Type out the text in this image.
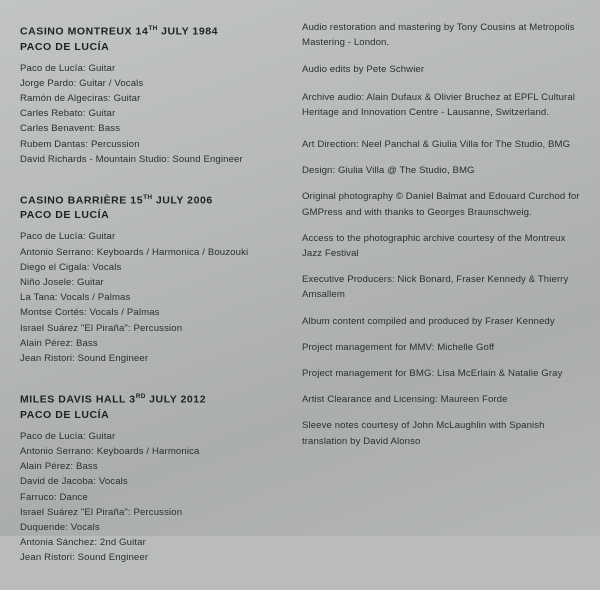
CASINO MONTREUX 14TH JULY 1984
PACO DE LUCÍA
Paco de Lucía: Guitar
Jorge Pardo: Guitar / Vocals
Ramón de Algeciras: Guitar
Carles Rebato: Guitar
Carles Benavent: Bass
Rubem Dantas: Percussion
David Richards - Mountain Studio: Sound Engineer
CASINO BARRIÈRE 15TH JULY 2006
PACO DE LUCÍA
Paco de Lucía: Guitar
Antonio Serrano: Keyboards / Harmonica / Bouzouki
Diego el Cigala: Vocals
Niño Josele: Guitar
La Tana: Vocals / Palmas
Montse Cortés: Vocals / Palmas
Israel Suárez "El Piraña": Percussion
Alain Pérez: Bass
Jean Ristori: Sound Engineer
MILES DAVIS HALL 3RD JULY 2012
PACO DE LUCÍA
Paco de Lucía: Guitar
Antonio Serrano: Keyboards / Harmonica
Alain Pérez: Bass
David de Jacoba: Vocals
Farruco: Dance
Israel Suárez "El Piraña": Percussion
Duquende: Vocals
Antonia Sánchez: 2nd Guitar
Jean Ristori: Sound Engineer

Audio restoration and mastering by Tony Cousins at Metropolis Mastering - London.

Audio edits by Pete Schwier

Archive audio: Alain Dufaux & Olivier Bruchez at EPFL Cultural Heritage and Innovation Centre - Lausanne, Switzerland.

Art Direction: Neel Panchal & Giulia Villa for The Studio, BMG

Design: Giulia Villa @ The Studio, BMG

Original photography © Daniel Balmat and Edouard Curchod for GMPress and with thanks to Georges Braunschweig.

Access to the photographic archive courtesy of the Montreux Jazz Festival

Executive Producers: Nick Bonard, Fraser Kennedy & Thierry Amsallem

Album content compiled and produced by Fraser Kennedy

Project management for MMV: Michelle Goff

Project management for BMG: Lisa McErlain & Natalie Gray

Artist Clearance and Licensing: Maureen Forde

Sleeve notes courtesy of John McLaughlin with Spanish translation by David Alonso
